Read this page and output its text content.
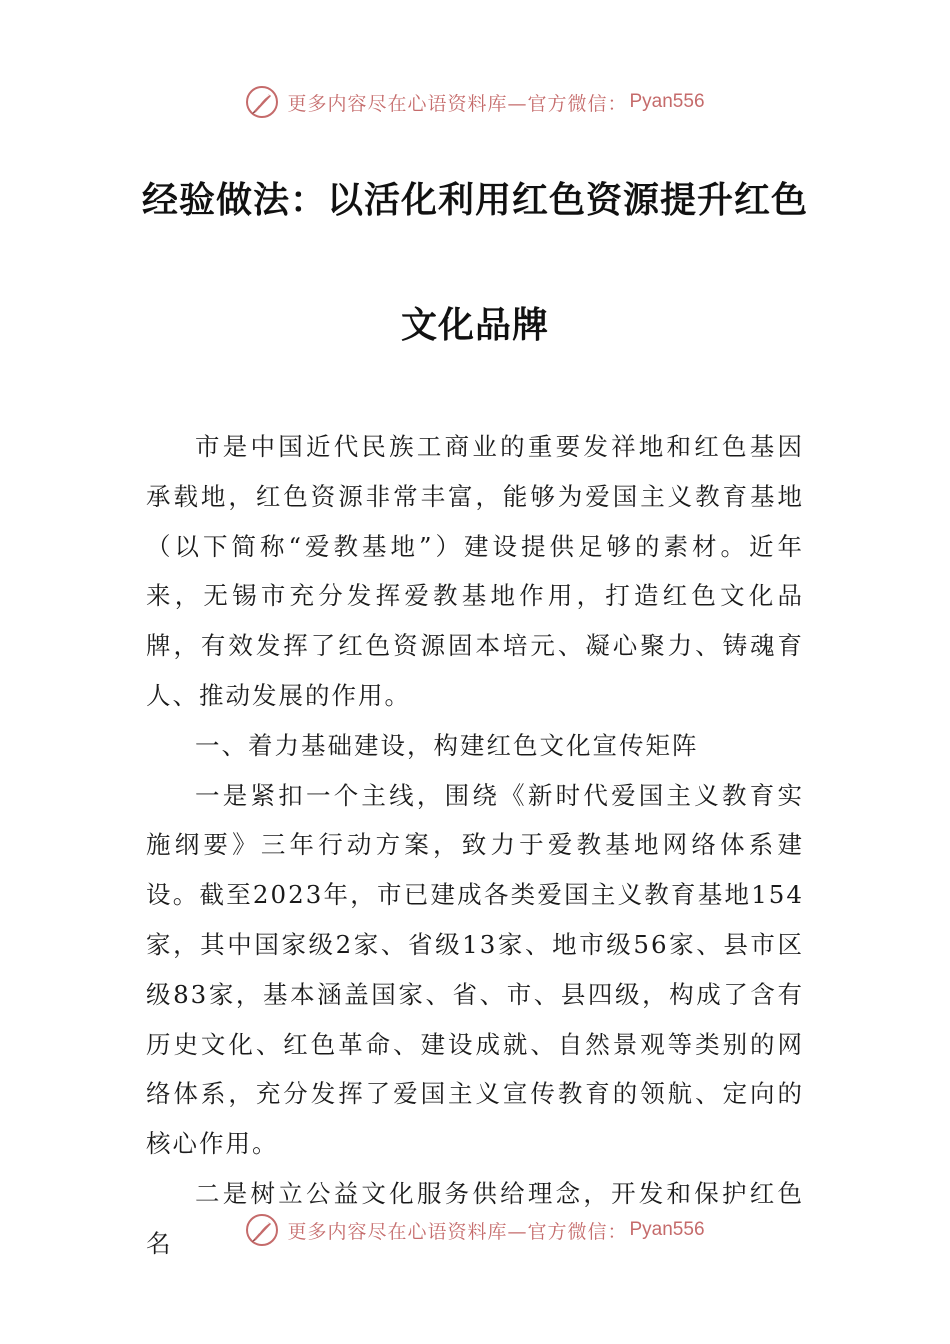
更多内容尽在心语资料库—官方微信： Pyan556
经验做法：以活化利用红色资源提升红色
文化品牌

市是中国近代民族工商业的重要发祥地和红色基因承载地，红色资源非常丰富，能够为爱国主义教育基地（以下简称“爱教基地”）建设提供足够的素材。近年来，无锡市充分发挥爱教基地作用，打造红色文化品牌，有效发挥了红色资源固本培元、凝心聚力、铸魂育人、推动发展的作用。

一、着力基础建设，构建红色文化宣传矩阵

一是紧扣一个主线，围绕《新时代爱国主义教育实施纲要》三年行动方案，致力于爱教基地网络体系建设。截至2023年，市已建成各类爱国主义教育基地154家，其中国家级2家、省级13家、地市级56家、县市区级83家，基本涵盖国家、省、市、县四级，构成了含有历史文化、红色革命、建设成就、自然景观等类别的网络体系，充分发挥了爱国主义宣传教育的领航、定向的核心作用。

二是树立公益文化服务供给理念，开发和保护红色名	更多内容尽在心语资料库—官方微信： Pyan556
